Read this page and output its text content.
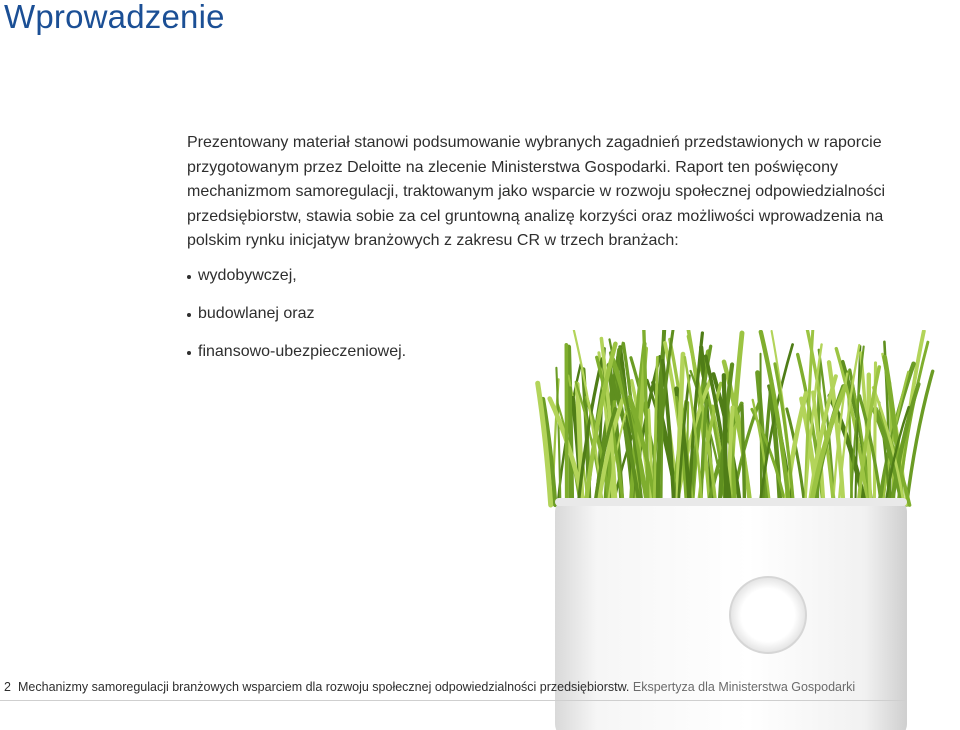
Wprowadzenie

Prezentowany materiał stanowi podsumowanie wybranych zagadnień przedstawionych w raporcie przygotowanym przez Deloitte na zlecenie Ministerstwa Gospodarki. Raport ten poświęcony mechanizmom samoregulacji, traktowanym jako wsparcie w rozwoju społecznej odpowiedzialności przedsiębiorstw, stawia sobie za cel gruntowną analizę korzyści oraz możliwości wprowadzenia na polskim rynku inicjatyw branżowych z zakresu CR w trzech branżach:

wydobywczej,
budowlanej oraz
finansowo-ubezpieczeniowej.
2 Mechanizmy samoregulacji branżowych wsparciem dla rozwoju społecznej odpowiedzialności przedsiębiorstw. Ekspertyza dla Ministerstwa Gospodarki
